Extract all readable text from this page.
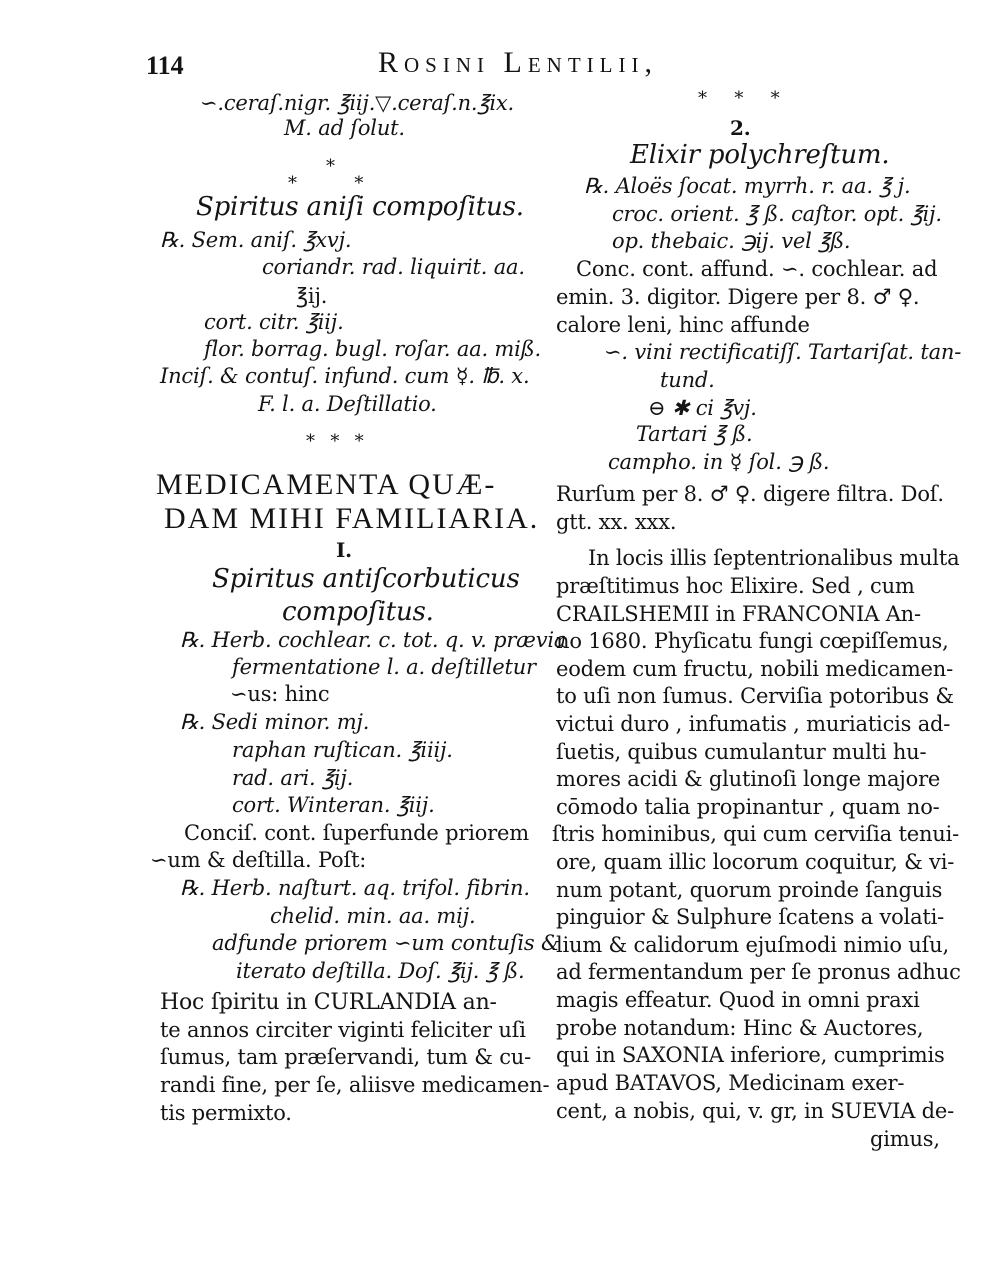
114	Rosini Lentilii,
∽.ceraſ.nigr. ℥iij.▽.ceraſ.n.℥ix.
M. ad ſolut.
*
* *
Spiritus aniſi compoſitus.
℞. Sem. aniſ. ℥xvj.
coriandr. rad. liquirit. aa.
℥ij.
cort. citr. ℥iij.
flor. borrag. bugl. roſar. aa. miß.
Inciſ. & contuſ. infund. cum ☿. ℔. x.
F. l. a. Deſtillatio.
* * *
MEDICAMENTA QUÆ-
DAM MIHI FAMILIARIA.
I.
Spiritus antiſcorbuticus
compoſitus.
℞. Herb. cochlear. c. tot. q. v. prævia
fermentatione l. a. deſtilletur
∽us: hinc
℞. Sedi minor. mj.
raphan ruſtican. ℥iiij.
rad. ari. ℥ij.
cort. Winteran. ℥iij.
Conciſ. cont. ſuperfunde priorem
∽um & deſtilla. Poſt:
℞. Herb. naſturt. aq. trifol. fibrin.
chelid. min. aa. mij.
adfunde priorem ∽um contuſis &
iterato deſtilla. Doſ. ℥ij. ℥ ß.
Hoc ſpiritu in CURLANDIA an-
te annos circiter viginti feliciter uſi
ſumus, tam præſervandi, tum & cu-
randi fine, per ſe, aliisve medicamen-
tis permixto.
* * *
2.
Elixir polychreſtum.
℞. Aloës ſocat. myrrh. r. aa. ℥ j.
croc. orient. ℥ ß. caſtor. opt. ℥ij.
op. thebaic. ℈ij. vel ℥ß.
Conc. cont. affund. ∽. cochlear. ad
emin. 3. digitor. Digere per 8. ♂ ♀.
calore leni, hinc affunde
∽. vini rectificatiſſ. Tartariſat. tan-
tund.
⊖ ✱ ci ℥vj.
Tartari ℥ ß.
campho. in ☿ ſol. ℈ ß.
Rurſum per 8. ♂ ♀. digere filtra. Doſ.
gtt. xx. xxx.
In locis illis ſeptentrionalibus multa
præſtitimus hoc Elixire. Sed , cum
CRAILSHEMII in FRANCONIA An-
no 1680. Phyſicatu fungi cœpiſſemus,
eodem cum fructu, nobili medicamen-
to uſi non ſumus. Cerviſia potoribus &
victui duro , infumatis , muriaticis ad-
ſuetis, quibus cumulantur multi hu-
mores acidi & glutinoſi longe majore
cōmodo talia propinantur , quam no-
ſtris hominibus, qui cum cerviſia tenui-
ore, quam illic locorum coquitur, & vi-
num potant, quorum proinde ſanguis
pinguior & Sulphure ſcatens a volati-
lium & calidorum ejuſmodi nimio uſu,
ad fermentandum per ſe pronus adhuc
magis effeatur. Quod in omni praxi
probe notandum: Hinc & Auctores,
qui in SAXONIA inferiore, cumprimis
apud BATAVOS, Medicinam exer-
cent, a nobis, qui, v. gr, in SUEVIA de-
gimus,
